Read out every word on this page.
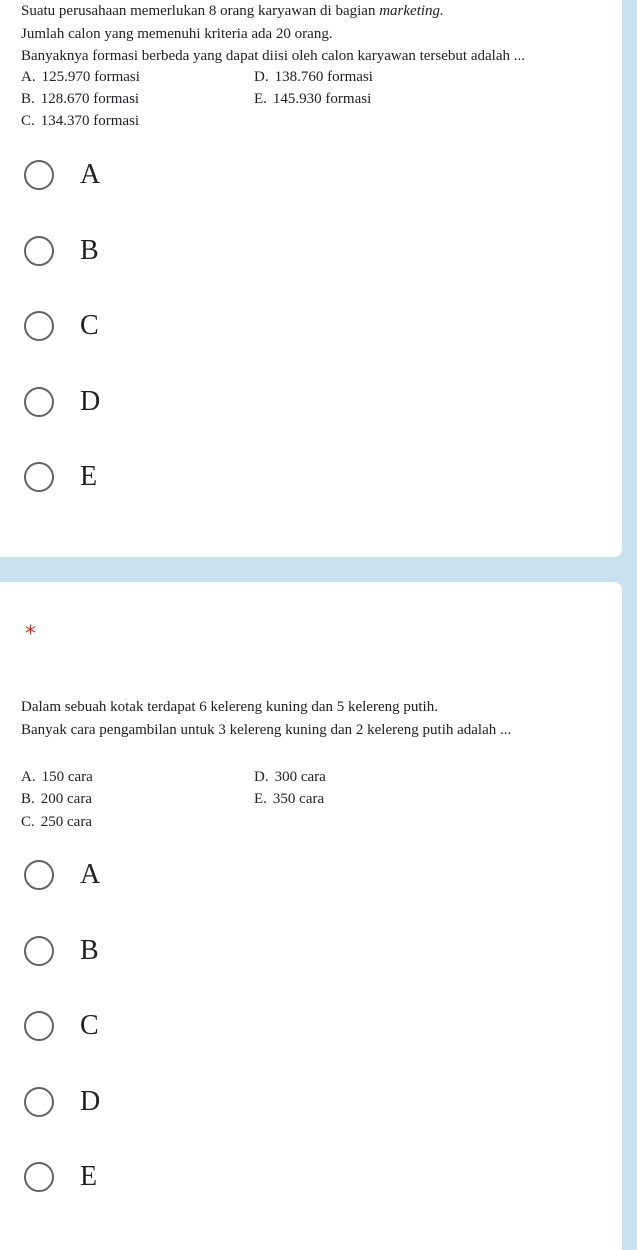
Suatu perusahaan memerlukan 8 orang karyawan di bagian marketing.
Jumlah calon yang memenuhi kriteria ada 20 orang.
Banyaknya formasi berbeda yang dapat diisi oleh calon karyawan tersebut adalah ...
A. 125.970 formasi	D. 138.760 formasi
B. 128.670 formasi	E. 145.930 formasi
C. 134.370 formasi
A
B
C
D
E
*
Dalam sebuah kotak terdapat 6 kelereng kuning dan 5 kelereng putih.
Banyak cara pengambilan untuk 3 kelereng kuning dan 2 kelereng putih adalah ...
A. 150 cara	D. 300 cara
B. 200 cara	E. 350 cara
C. 250 cara
A
B
C
D
E
